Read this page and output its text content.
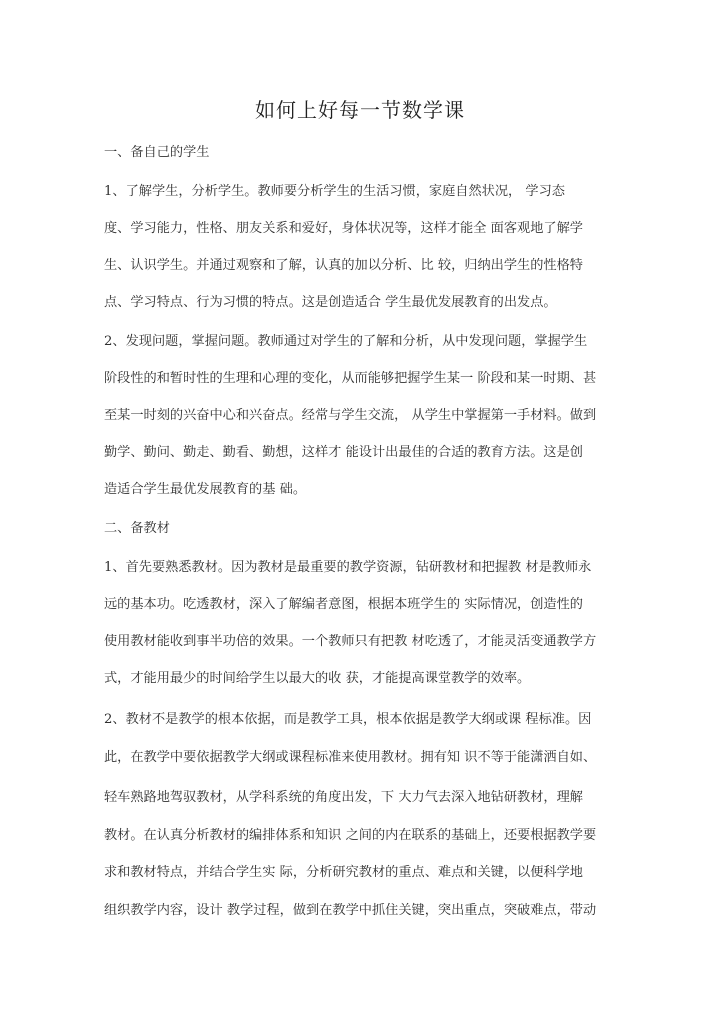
如何上好每一节数学课
一、备自己的学生
1、了解学生，分析学生。教师要分析学生的生活习惯，家庭自然状况， 学习态
度、学习能力，性格、朋友关系和爱好，身体状况等，这样才能全 面客观地了解学
生、认识学生。并通过观察和了解，认真的加以分析、比 较，归纳出学生的性格特
点、学习特点、行为习惯的特点。这是创造适合 学生最优发展教育的出发点。
2、发现问题，掌握问题。教师通过对学生的了解和分析，从中发现问题，掌握学生
阶段性的和暂时性的生理和心理的变化，从而能够把握学生某一 阶段和某一时期、甚
至某一时刻的兴奋中心和兴奋点。经常与学生交流， 从学生中掌握第一手材料。做到
勤学、勤问、勤走、勤看、勤想，这样才 能设计出最佳的合适的教育方法。这是创
造适合学生最优发展教育的基 础。
二、备教材
1、首先要熟悉教材。因为教材是最重要的教学资源，钻研教材和把握教 材是教师永
远的基本功。吃透教材，深入了解编者意图，根据本班学生的 实际情况，创造性的
使用教材能收到事半功倍的效果。一个教师只有把教 材吃透了，才能灵活变通教学方
式，才能用最少的时间给学生以最大的收 获，才能提高课堂教学的效率。
2、教材不是教学的根本依据，而是教学工具，根本依据是教学大纲或课 程标准。因
此，在教学中要依据教学大纲或课程标准来使用教材。拥有知 识不等于能潇洒自如、
轻车熟路地驾驭教材，从学科系统的角度出发，下 大力气去深入地钻研教材，理解
教材。在认真分析教材的编排体系和知识 之间的内在联系的基础上，还要根据教学要
求和教材特点，并结合学生实 际，分析研究教材的重点、难点和关键，以便科学地
组织教学内容，设计 教学过程，做到在教学中抓住关键，突出重点，突破难点，带动
